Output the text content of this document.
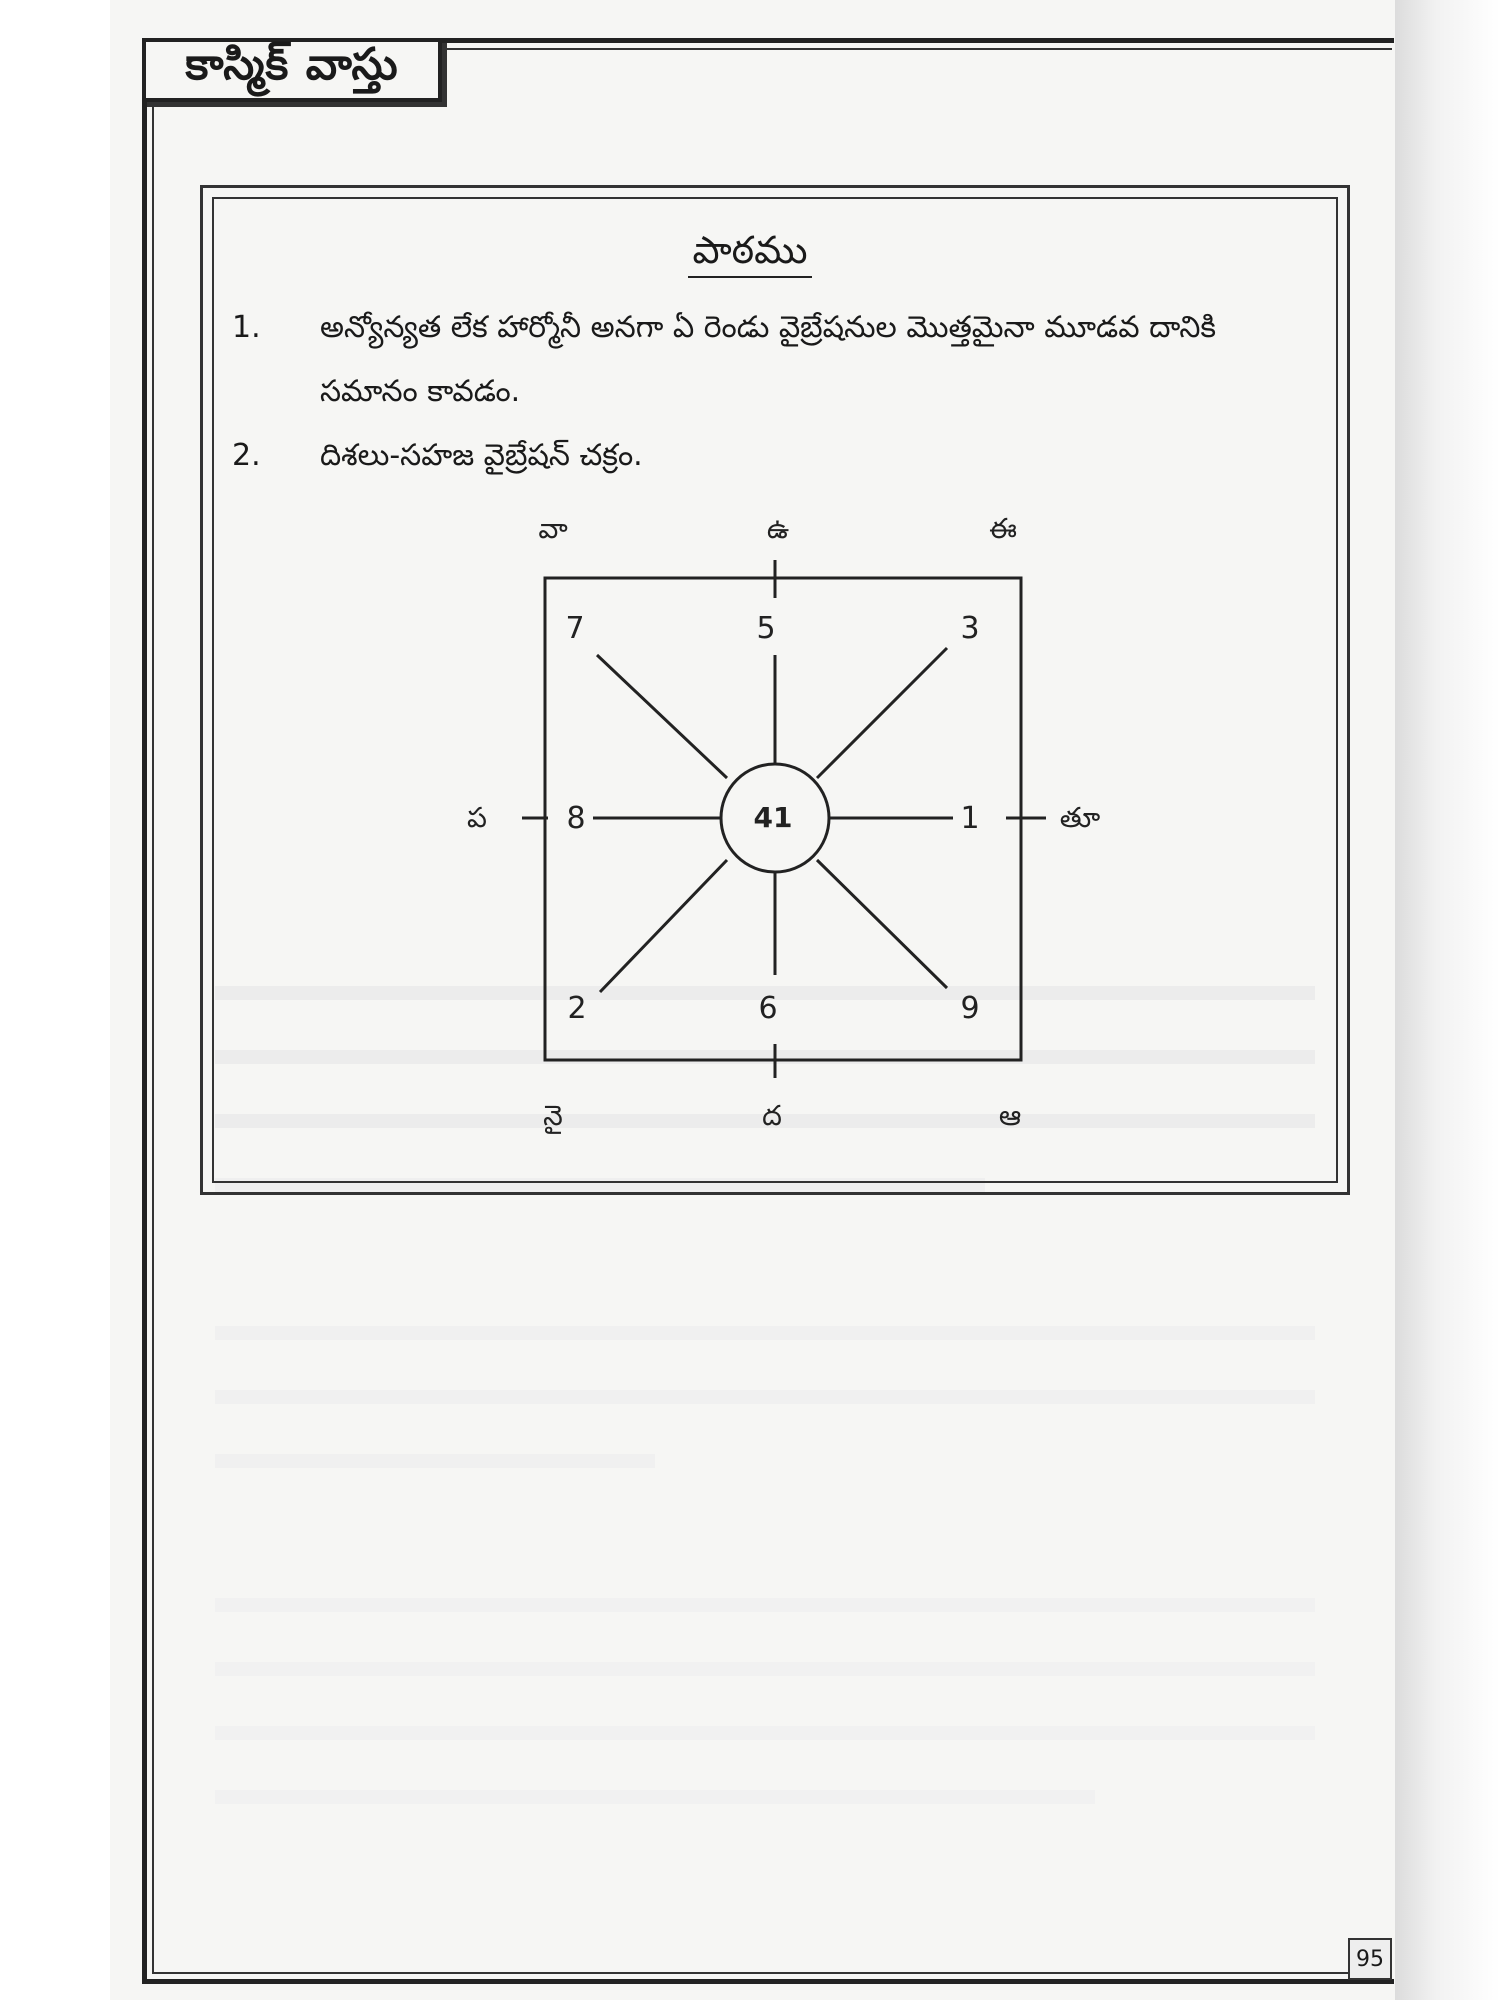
కాస్మిక్ వాస్తు
పాఠము
1. అన్యోన్యత లేక హార్మోనీ అనగా ఏ రెండు వైబ్రేషనుల మొత్తమైనా మూడవ దానికి సమానం కావడం.
2. దిశలు-సహజ వైబ్రేషన్ చక్రం.
41
5
7	3
8	1
2	6	9
వా	ఉ	ఈ
ప	తూ
నై	ద	ఆ
95
